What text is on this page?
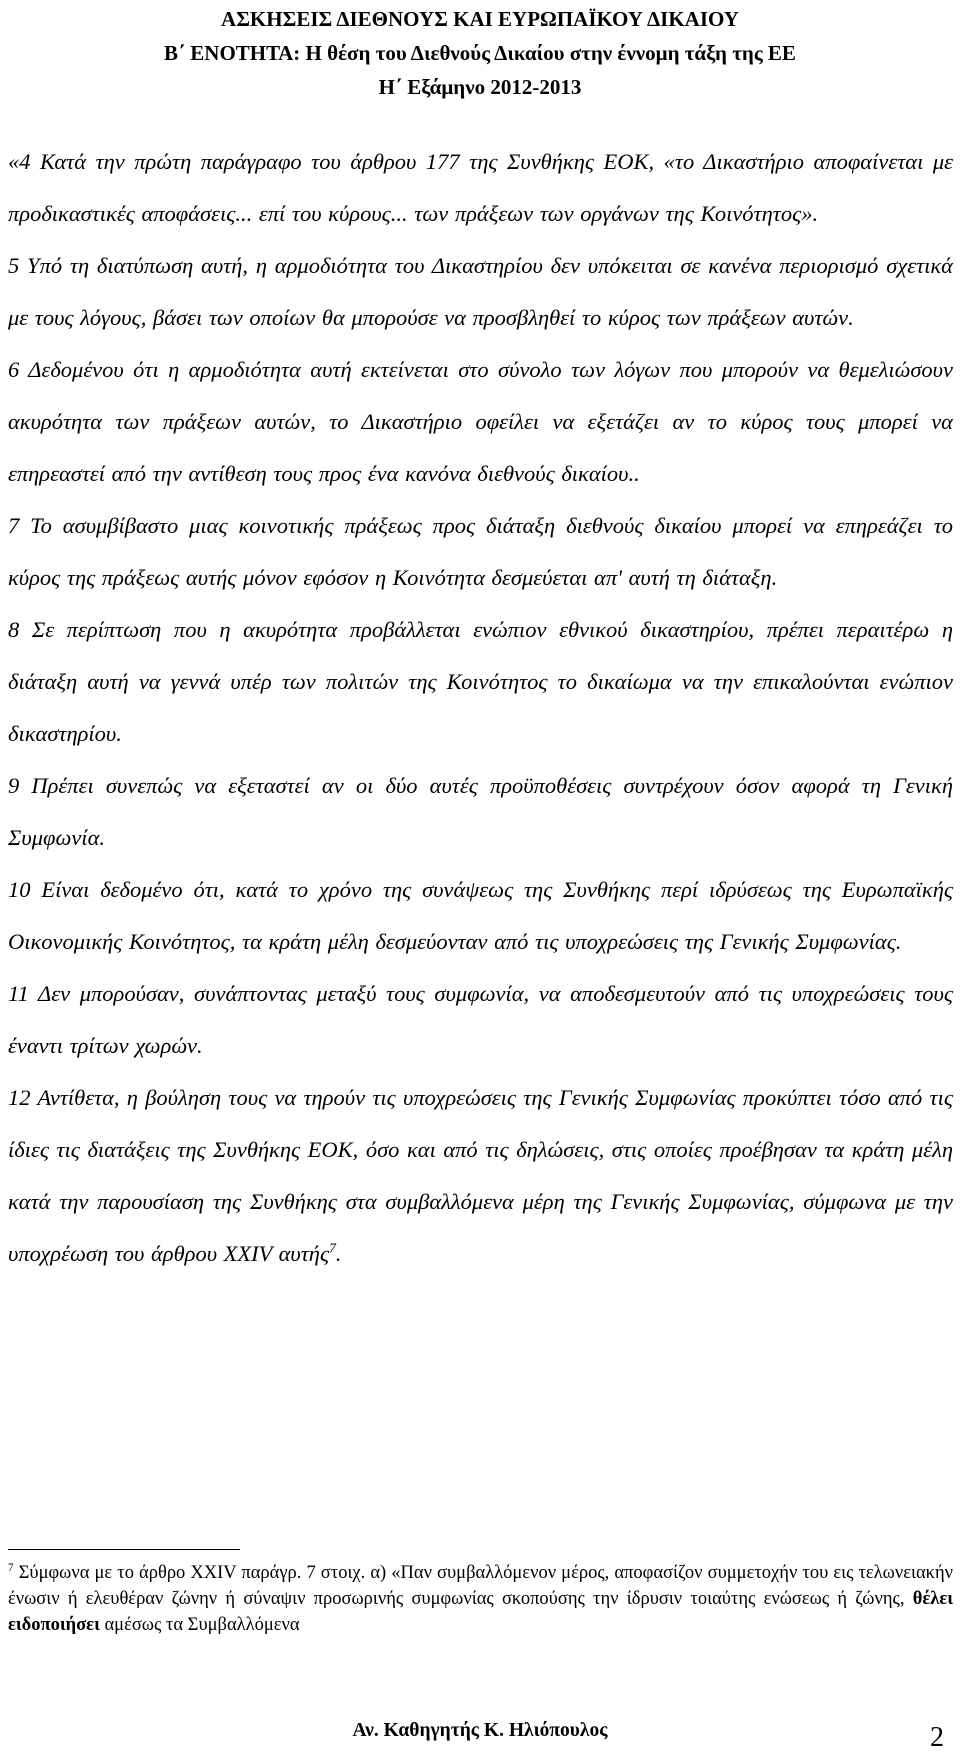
ΑΣΚΗΣΕΙΣ ΔΙΕΘΝΟΥΣ ΚΑΙ ΕΥΡΩΠΑΪΚΟΥ ΔΙΚΑΙΟΥ
Β΄ ΕΝΟΤΗΤΑ: Η θέση του Διεθνούς Δικαίου στην έννομη τάξη της ΕΕ
Η΄ Εξάμηνο 2012-2013

«4 Κατά την πρώτη παράγραφο του άρθρου 177 της Συνθήκης ΕΟΚ, «το Δικαστήριο αποφαίνεται με προδικαστικές αποφάσεις... επί του κύρους... των πράξεων των οργάνων της Κοινότητος».

5 Υπό τη διατύπωση αυτή, η αρμοδιότητα του Δικαστηρίου δεν υπόκειται σε κανένα περιορισμό σχετικά με τους λόγους, βάσει των οποίων θα μπορούσε να προσβληθεί το κύρος των πράξεων αυτών.

6 Δεδομένου ότι η αρμοδιότητα αυτή εκτείνεται στο σύνολο των λόγων που μπορούν να θεμελιώσουν ακυρότητα των πράξεων αυτών, το Δικαστήριο οφείλει να εξετάζει αν το κύρος τους μπορεί να επηρεαστεί από την αντίθεση τους προς ένα κανόνα διεθνούς δικαίου..

7 Το ασυμβίβαστο μιας κοινοτικής πράξεως προς διάταξη διεθνούς δικαίου μπορεί να επηρεάζει το κύρος της πράξεως αυτής μόνον εφόσον η Κοινότητα δεσμεύεται απ' αυτή τη διάταξη.

8 Σε περίπτωση που η ακυρότητα προβάλλεται ενώπιον εθνικού δικαστηρίου, πρέπει περαιτέρω η διάταξη αυτή να γεννά υπέρ των πολιτών της Κοινότητος το δικαίωμα να την επικαλούνται ενώπιον δικαστηρίου.

9 Πρέπει συνεπώς να εξεταστεί αν οι δύο αυτές προϋποθέσεις συντρέχουν όσον αφορά τη Γενική Συμφωνία.

10 Είναι δεδομένο ότι, κατά το χρόνο της συνάψεως της Συνθήκης περί ιδρύσεως της Ευρωπαϊκής Οικονομικής Κοινότητος, τα κράτη μέλη δεσμεύονταν από τις υποχρεώσεις της Γενικής Συμφωνίας.

11 Δεν μπορούσαν, συνάπτοντας μεταξύ τους συμφωνία, να αποδεσμευτούν από τις υποχρεώσεις τους έναντι τρίτων χωρών.

12 Αντίθετα, η βούληση τους να τηρούν τις υποχρεώσεις της Γενικής Συμφωνίας προκύπτει τόσο από τις ίδιες τις διατάξεις της Συνθήκης ΕΟΚ, όσο και από τις δηλώσεις, στις οποίες προέβησαν τα κράτη μέλη κατά την παρουσίαση της Συνθήκης στα συμβαλλόμενα μέρη της Γενικής Συμφωνίας, σύμφωνα με την υποχρέωση του άρθρου XXIV αυτής$^7$.

$^7$ Σύμφωνα με το άρθρο XXIV παράγρ. 7 στοιχ. α) «Παν συμβαλλόμενον μέρος, αποφασίζον συμμετοχήν του εις τελωνειακήν ένωσιν ή ελευθέραν ζώνην ή σύναψιν προσωρινής συμφωνίας σκοπούσης την ίδρυσιν τοιαύτης ενώσεως ή ζώνης, θέλει ειδοποιήσει αμέσως τα Συμβαλλόμενα
Αν. Καθηγητής Κ. Ηλιόπουλος	2
